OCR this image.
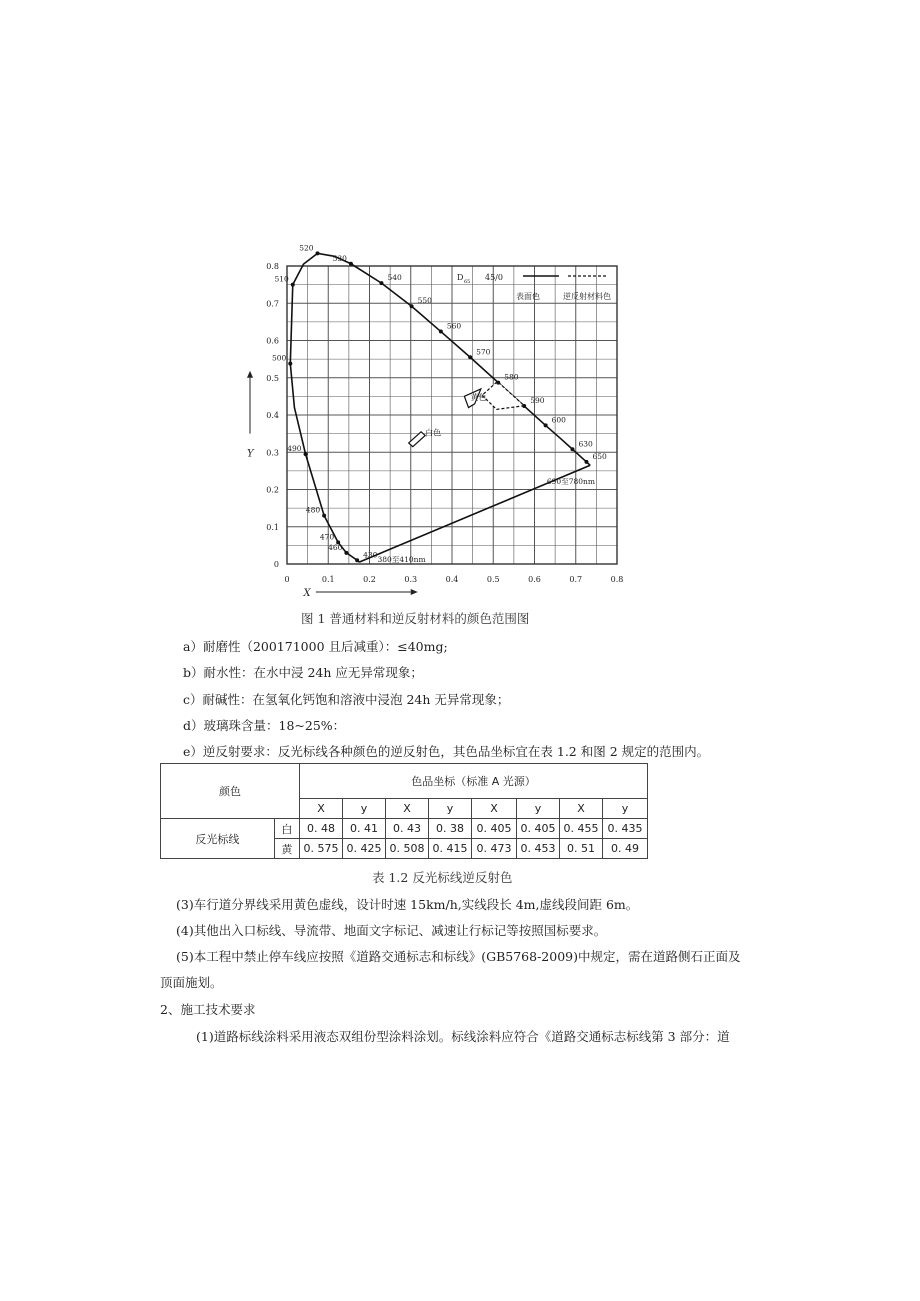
0	0.1	0.2	0.3	0.4	0.5	0.6	0.7	0.8
0
0.1
0.2
0.3
0.4
0.5
0.6
0.7
0.8
X
Y
白色
黄色
520
530
540
550
560
570
580
590
600
630
650
510
500
490
480
470
460
430
380至410nm
690至780nm
D 65 45/0
表面色	逆反射材料色
图 1 普通材料和逆反射材料的颜色范围图
a）耐磨性（200171000 且后减重）：≤40mg;
b）耐水性：在水中浸 24h 应无异常现象；
c）耐碱性：在氢氧化钙饱和溶液中浸泡 24h 无异常现象；
d）玻璃珠含量：18~25%：
e）逆反射要求：反光标线各种颜色的逆反射色，其色品坐标宜在表 1.2 和图 2 规定的范围内。
颜色		色品坐标（标准 A 光源）							
		X	y	X	y	X	y	X	y
反光标线	白	0. 48	0. 41	0. 43	0. 38	0. 405	0. 405	0. 455	0. 435
	黄	0. 575	0. 425	0. 508	0. 415	0. 473	0. 453	0. 51	0. 49
表 1.2 反光标线逆反射色
(3)车行道分界线采用黄色虚线，设计时速 15km/h,实线段长 4m,虚线段间距 6m。
(4)其他出入口标线、导流带、地面文字标记、减速让行标记等按照国标要求。
(5)本工程中禁止停车线应按照《道路交通标志和标线》(GB5768-2009)中规定，需在道路侧石正面及
顶面施划。
2、施工技术要求
(1)道路标线涂料采用液态双组份型涂料涂划。标线涂料应符合《道路交通标志标线第 3 部分：道
